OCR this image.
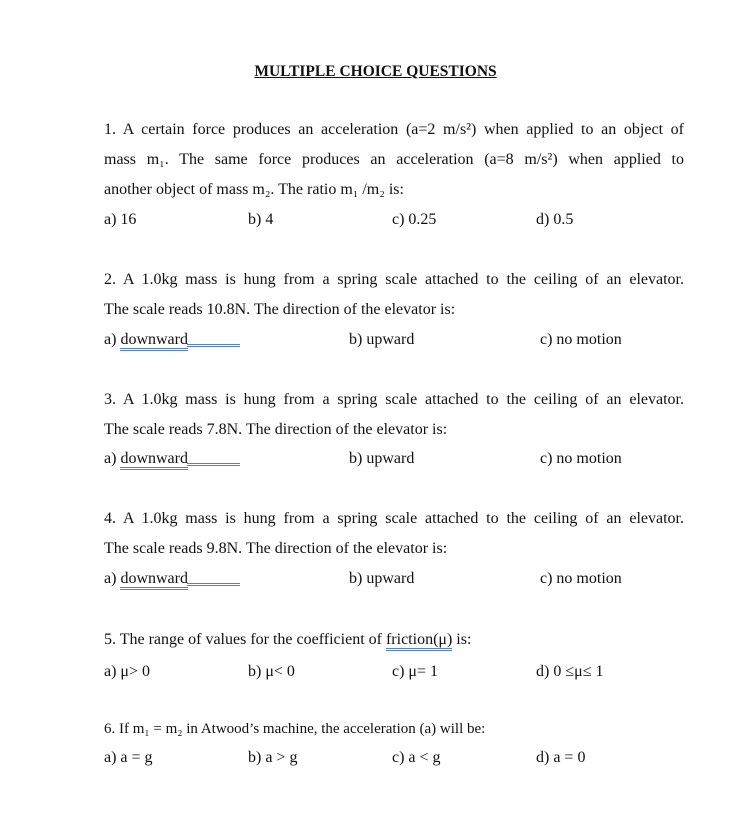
MULTIPLE CHOICE QUESTIONS
1. A certain force produces an acceleration (a=2 m/s²) when applied to an object of
mass m₁. The same force produces an acceleration (a=8 m/s²) when applied to
another object of mass m₂. The ratio m₁ /m₂ is:
a) 16	b) 4	c) 0.25	d) 0.5
2. A 1.0kg mass is hung from a spring scale attached to the ceiling of an elevator.
The scale reads 10.8N. The direction of the elevator is:
a) downward	b) upward	c) no motion
3. A 1.0kg mass is hung from a spring scale attached to the ceiling of an elevator.
The scale reads 7.8N. The direction of the elevator is:
a) downward	b) upward	c) no motion
4. A 1.0kg mass is hung from a spring scale attached to the ceiling of an elevator.
The scale reads 9.8N. The direction of the elevator is:
a) downward	b) upward	c) no motion
5. The range of values for the coefficient of friction(μ) is:
a) μ> 0	b) μ< 0	c) μ= 1	d) 0 ≤μ≤ 1
6. If m₁ = m₂ in Atwood’s machine, the acceleration (a) will be:
a) a = g	b) a > g	c) a < g	d) a = 0
